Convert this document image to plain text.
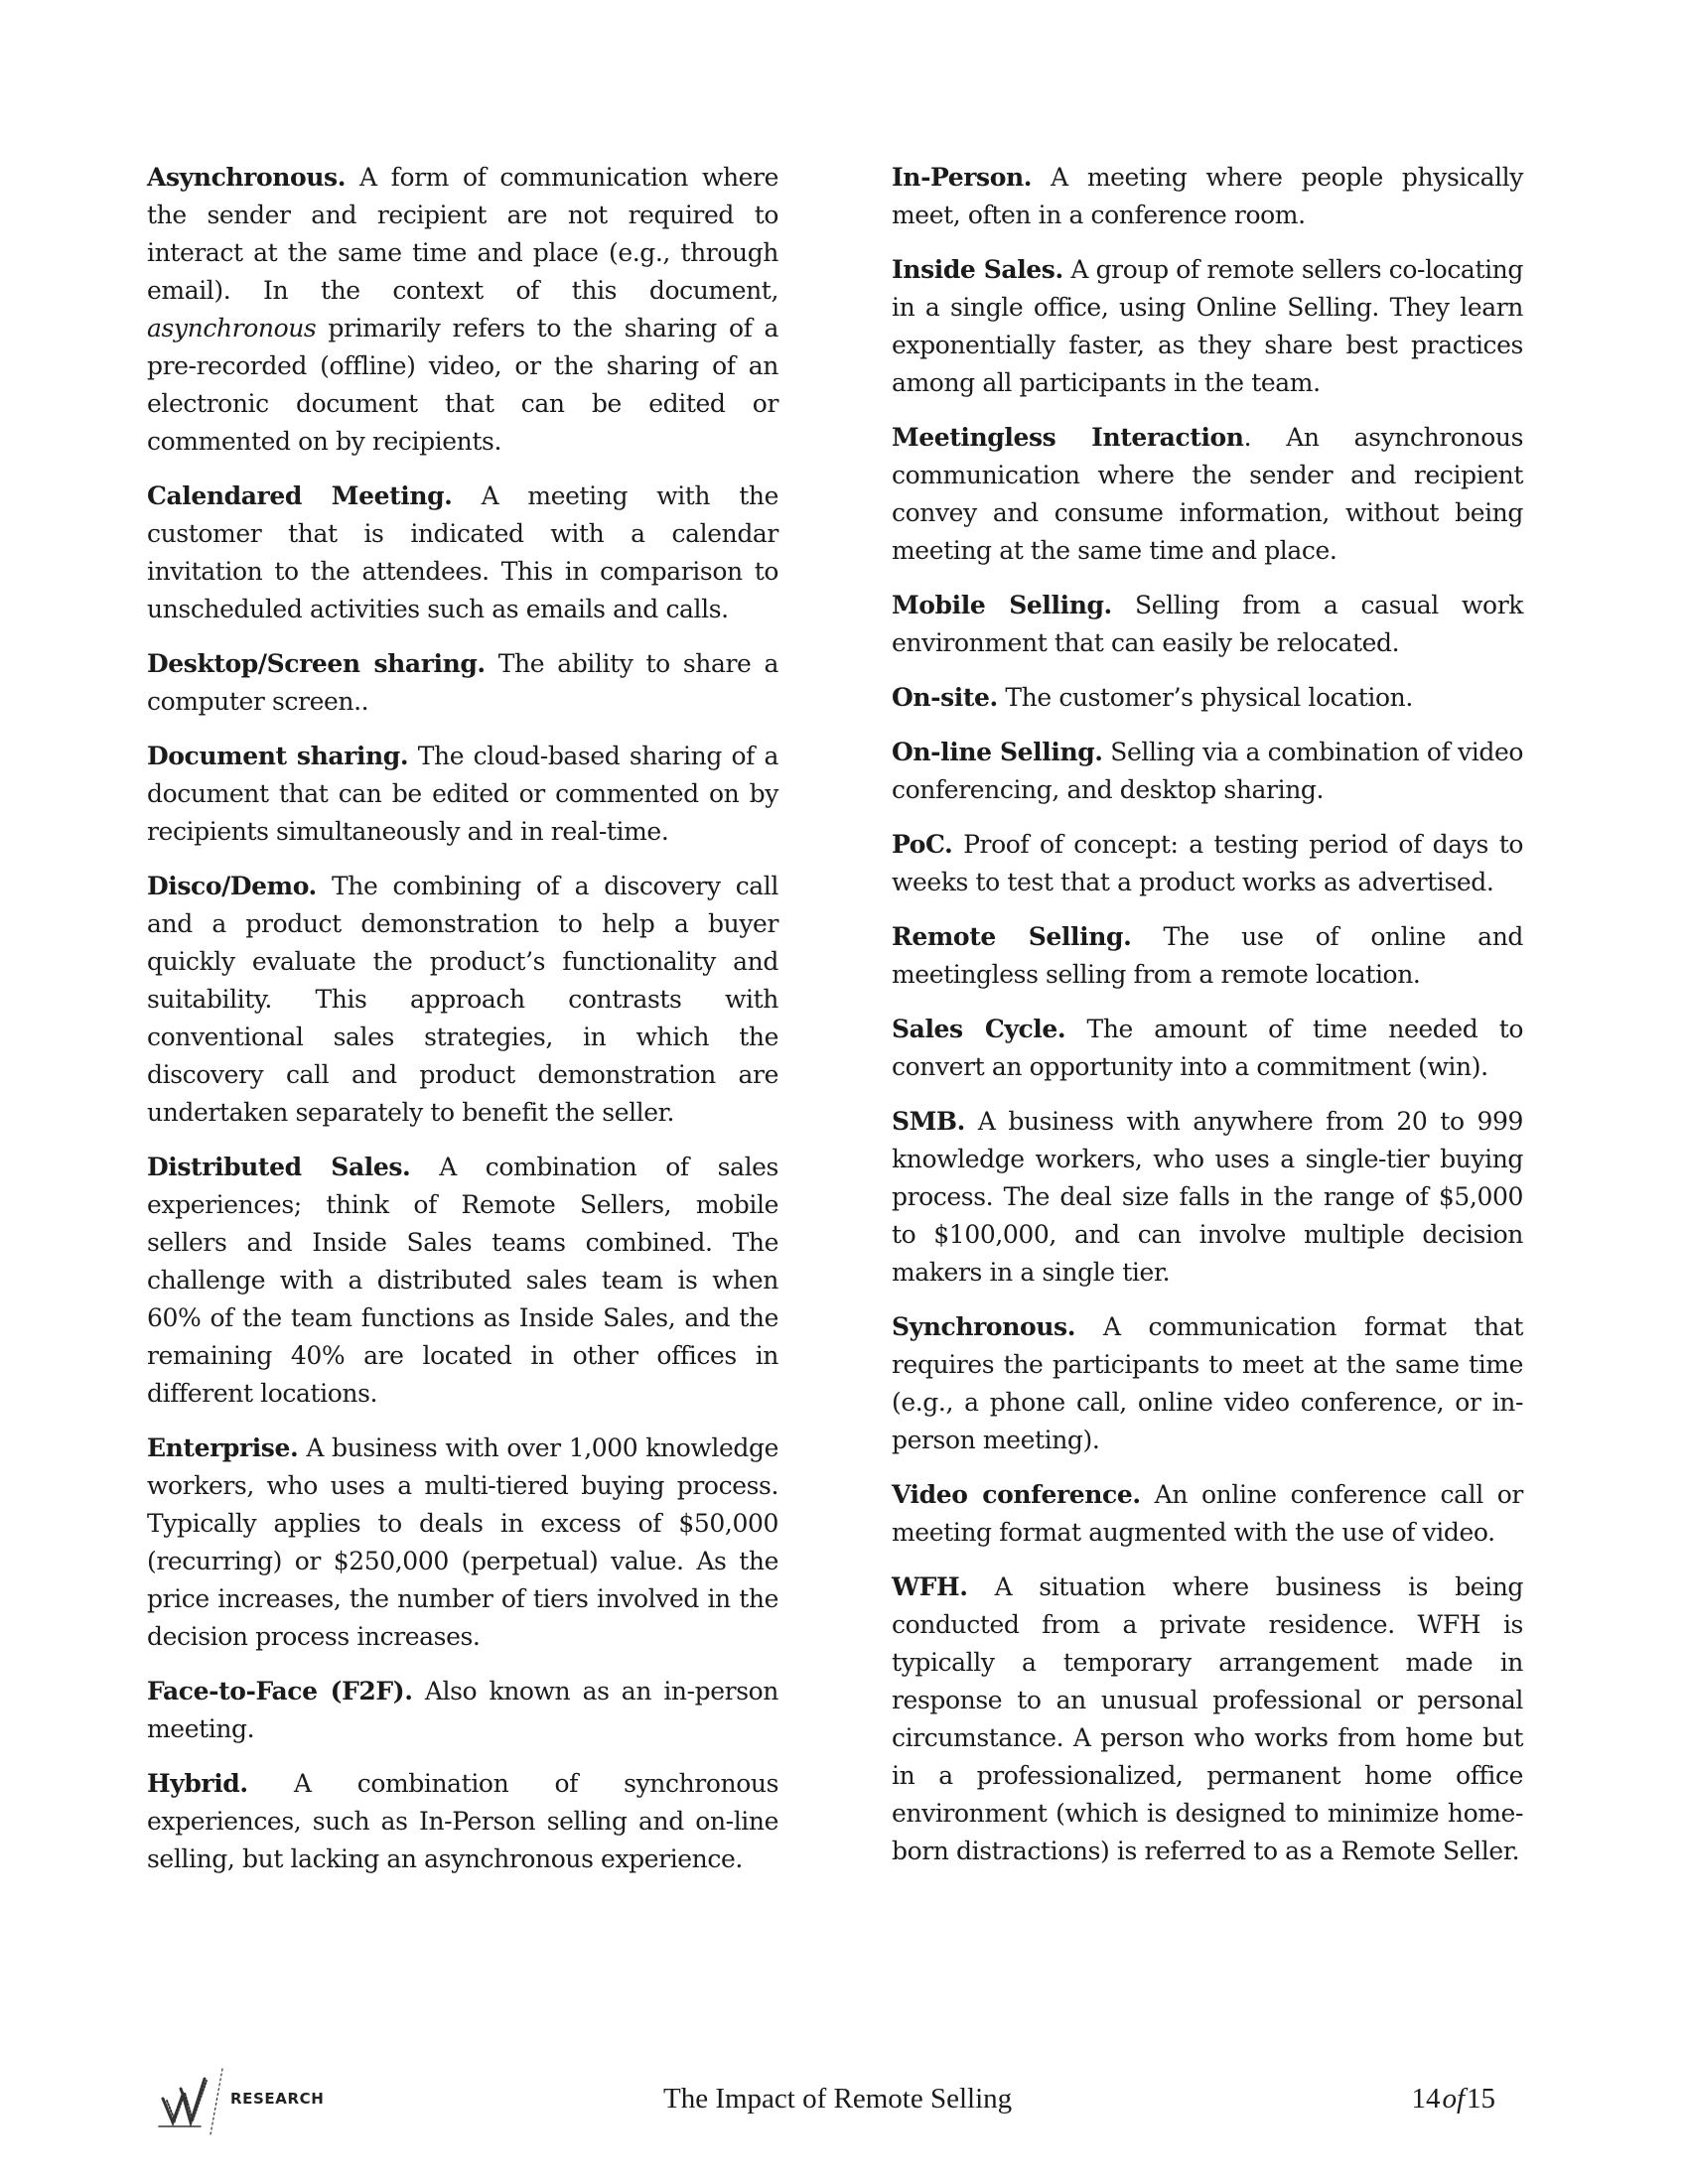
Asynchronous. A form of communication where the sender and recipient are not required to interact at the same time and place (e.g., through email). In the context of this document, asynchronous primarily refers to the sharing of a pre-recorded (offline) video, or the sharing of an electronic document that can be edited or commented on by recipients.

Calendared Meeting. A meeting with the customer that is indicated with a calendar invitation to the attendees. This in comparison to unscheduled activities such as emails and calls.

Desktop/Screen sharing. The ability to share a computer screen..

Document sharing. The cloud-based sharing of a document that can be edited or commented on by recipients simultaneously and in real-time.

Disco/Demo. The combining of a discovery call and a product demonstration to help a buyer quickly evaluate the product’s functionality and suitability. This approach contrasts with conventional sales strategies, in which the discovery call and product demonstration are undertaken separately to benefit the seller.

Distributed Sales. A combination of sales experiences; think of Remote Sellers, mobile sellers and Inside Sales teams combined. The challenge with a distributed sales team is when 60% of the team functions as Inside Sales, and the remaining 40% are located in other offices in different locations.

Enterprise. A business with over 1,000 knowledge workers, who uses a multi-tiered buying process. Typically applies to deals in excess of $50,000 (recurring) or $250,000 (perpetual) value. As the price increases, the number of tiers involved in the decision process increases.

Face-to-Face (F2F). Also known as an in-person meeting.

Hybrid. A combination of synchronous experiences, such as In-Person selling and on-line selling, but lacking an asynchronous experience.

In-Person. A meeting where people physically meet, often in a conference room.

Inside Sales. A group of remote sellers co-locating in a single office, using Online Selling. They learn exponentially faster, as they share best practices among all participants in the team.

Meetingless Interaction. An asynchronous communication where the sender and recipient convey and consume information, without being meeting at the same time and place.

Mobile Selling. Selling from a casual work environment that can easily be relocated.

On-site. The customer’s physical location.

On-line Selling. Selling via a combination of video conferencing, and desktop sharing.

PoC. Proof of concept: a testing period of days to weeks to test that a product works as advertised.

Remote Selling. The use of online and meetingless selling from a remote location.

Sales Cycle. The amount of time needed to convert an opportunity into a commitment (win).

SMB. A business with anywhere from 20 to 999 knowledge workers, who uses a single-tier buying process. The deal size falls in the range of $5,000 to $100,000, and can involve multiple decision makers in a single tier.

Synchronous. A communication format that requires the participants to meet at the same time (e.g., a phone call, online video conference, or in-person meeting).

Video conference. An online conference call or meeting format augmented with the use of video.

WFH. A situation where business is being conducted from a private residence. WFH is typically a temporary arrangement made in response to an unusual professional or personal circumstance. A person who works from home but in a professionalized, permanent home office environment (which is designed to minimize home-born distractions) is referred to as a Remote Seller.

RESEARCH	The Impact of Remote Selling	14of15
